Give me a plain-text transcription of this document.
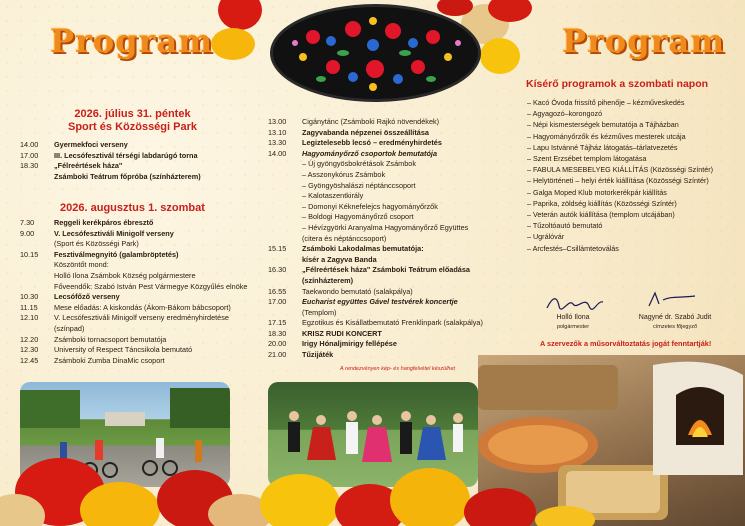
Program	Program
2026. július 31. péntek
Sport és Közösségi Park
14.00	Gyermekfoci verseny
17.00	III. Lecsófesztivál térségi labdarúgó torna
18.30	„Félreértések háza"
Zsámboki Teátrum főpróba (színházterem)
2026. augusztus 1. szombat
7.30	Reggeli kerékpáros ébresztő
9.00	V. Lecsófesztiváli Minigolf verseny
(Sport és Közösségi Park)
10.15	Fesztiválmegnyitó (galambröptetés)
Köszöntőt mond:
Holló Ilona Zsámbok Község polgármestere
Főveendők: Szabó István Pest Vármegye Közgyűlés elnöke
10.30	Lecsófőző verseny
11.15	Mese előadás: A kiskondás (Ákom-Bákom bábcsoport)
12.10	V. Lecsófesztiváli Minigolf verseny eredményhirdetése
(színpad)
12.20	Zsámboki tornacsoport bemutatója
12.30	University of Respect Táncsikola bemutató
12.45	Zsámboki Zumba DinaMic csoport
13.00	Cigánytánc (Zsámboki Rajkó növendékek)
13.10	Zagyvabanda népzenei összeállítása
13.30	Legiztelesebb lecsó – eredményhirdetés
14.00	Hagyományőrző csoportok bemutatója
– Új gyöngyösbokrétások Zsámbok
– Asszonykórus Zsámbok
– Gyöngyöshalászi néptánccsoport
– Kalotaszentkirály
– Domonyi Kéknefelejcs hagyományőrzők
– Boldogi Hagyományőrző csoport
– Hévízgyörki Aranyalma Hagyományőrző Együttes
(citera és néptánccsoport)
15.15	Zsámboki Lakodalmas bemutatója:
kísér a Zagyva Banda
16.30	„Félreértések háza" Zsámboki Teátrum előadása
(színházterem)
16.55	Taekwondo bemutató (salakpálya)
17.00	Eucharist együttes Gável testvérek koncertje
(Templom)
17.15	Egzotikus és Kisállatbemutató Frenklinpark (salakpálya)
18.30	KRISZ RUDI KONCERT
20.00	Irigy Hónaljmirigy fellépése
21.00	Tűzijáték
A rendezvényen kép- és hangfelvétel készülhet
Kísérő programok a szombati napon
– Kacó Óvoda frissítő pihenője – kézműveskedés
– Agyagozó–korongozó
– Népi kismesterségek bemutatója a Tájházban
– Hagyományőrzők és kézműves mesterek utcája
– Lapu Istvánné Tájház látogatás–tárlatvezetés
– Szent Erzsébet templom látogatása
– FABULA MESEBELYEG KIÁLLÍTÁS (Közösségi Színtér)
– Helytörténeti – helyi érték kiállítása (Közösségi Színtér)
– Galga Moped Klub motorkerékpár kiállítás
– Paprika, zöldség kiállítás (Közösségi Színtér)
– Veterán autók kiállítása (templom utcájában)
– Tűzoltóautó bemutató
– Ugrálóvár
– Arcfestés–Csillámtetoválás
Holló Ilona
polgármester
Nagyné dr. Szabó Judit
címzetes főjegyző
A szervezők a műsorváltoztatás jogát fenntartják!
